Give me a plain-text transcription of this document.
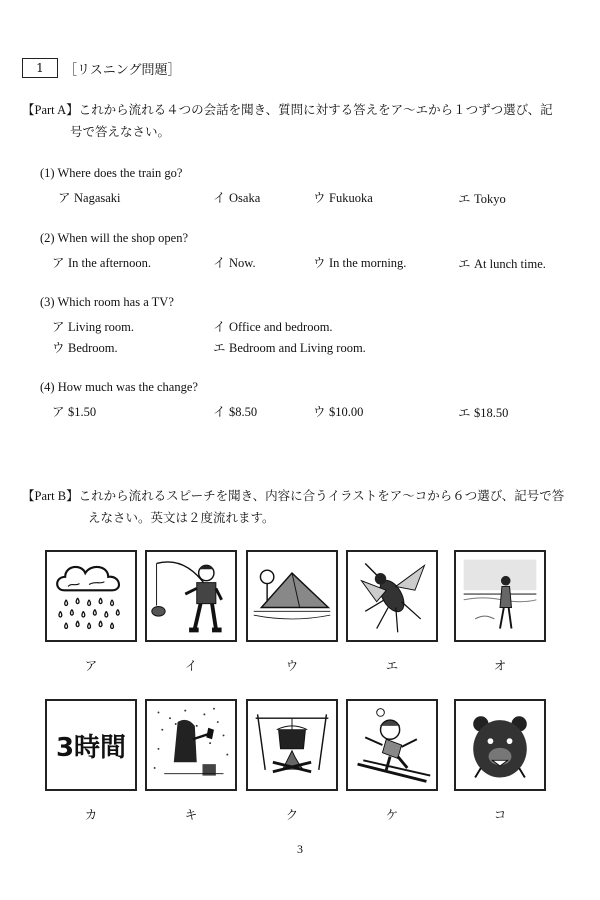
1	［リスニング問題］
【Part A】これから流れる４つの会話を聞き、質問に対する答えをア～エから１つずつ選び、記
号で答えなさい。
(1) Where does the train go?
ア Nagasaki	イ Osaka	ウ Fukuoka	エ Tokyo
(2) When will the shop open?
ア In the afternoon.	イ Now.	ウ In the morning.	エ At lunch time.
(3) Which room has a TV?
ア Living room.	イ Office and bedroom.
ウ Bedroom.	エ Bedroom and Living room.
(4) How much was the change?
ア $1.50	イ $8.50	ウ $10.00	エ $18.50
【Part B】これから流れるスピーチを聞き、内容に合うイラストをア～コから６つ選び、記号で答
えなさい。英文は２度流れます。
ア	イ	ウ	エ	オ
3時間
カ	キ	ク	ケ	コ
3
